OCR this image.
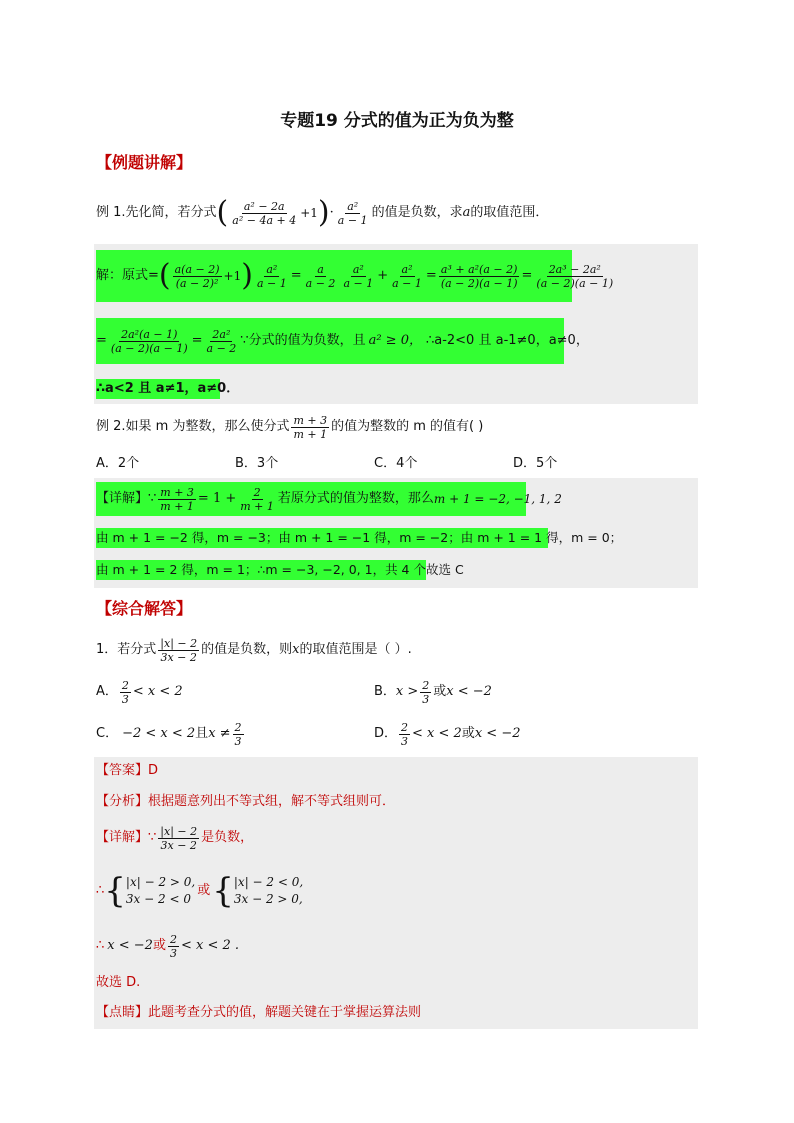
专题19 分式的值为正为负为整
【例题讲解】
例 1.先化简，若分式 ( $\frac{\text{a² − 2a}}{\text{a² − 4a + 4}} +1$ ) · $\frac{\text{a²}}{a - 1}$ 的值是负数，求 a 的取值范围．
解：原式= ( $\frac{a(a - 2)}{\text{(a − 2)²}} +1$ ) $\frac{\text{a²}}{a - 1} = \frac{a}{a - 2} \frac{\text{a²}}{a - 1} + \frac{\text{a²}}{a - 1} = \frac{\text{a³ + a²(a − 2)}}{(a - 2)(a - 1)} = \frac{\text{2a³ − 2a²}}{(a - 2)(a - 1)}$
= $\frac{\text{2a²(a − 1)}}{(a - 2)(a - 1)} = \frac{\text{2a²}}{a - 2}$ ∵分式的值为负数，且 a² ≥ 0， ∴a-2<0 且 a-1≠0，a≠0，
∴a<2 且 a≠1，a≠0．
例 2.如果 m 为整数，那么使分式 $\frac{m + 3}{m + 1}$ 的值为整数的 m 的值有( )
A．2个	B．3个	C．4个	D．5个
【详解】∵ $\frac{m + 3}{m + 1} = 1 + \frac{2}{m + 1}$ 若原分式的值为整数，那么 m + 1 = −2, −1, 1, 2
由 m + 1 = −2 得，m = −3；由 m + 1 = −1 得，m = −2；由 m + 1 = 1 得，m = 0；
由 m + 1 = 2 得，m = 1；∴m = −3, −2, 0, 1，共 4 个故选 C
【综合解答】
1．若分式 $\frac{|x| - 2}{3x - 2}$ 的值是负数，则 x 的取值范围是（ ）.
A． $\frac{2}{3} < x < 2$	B． $x > \frac{2}{3}$ 或 x < −2
C． −2 < x < 2 且 $x \ne \frac{2}{3}$	D． $\frac{2}{3} < x < 2$ 或 x < −2
【答案】D
【分析】根据题意列出不等式组，解不等式组则可．
【详解】 ∵ $\frac{|x| - 2}{3x - 2}$ 是负数，
∴ { |x| − 2 > 0,
3x − 2 < 0
或 { |x| − 2 < 0,
3x − 2 > 0,
∴ x < −2 或 $\frac{2}{3} < x < 2$ .
故选 D.
【点睛】此题考查分式的值，解题关键在于掌握运算法则
